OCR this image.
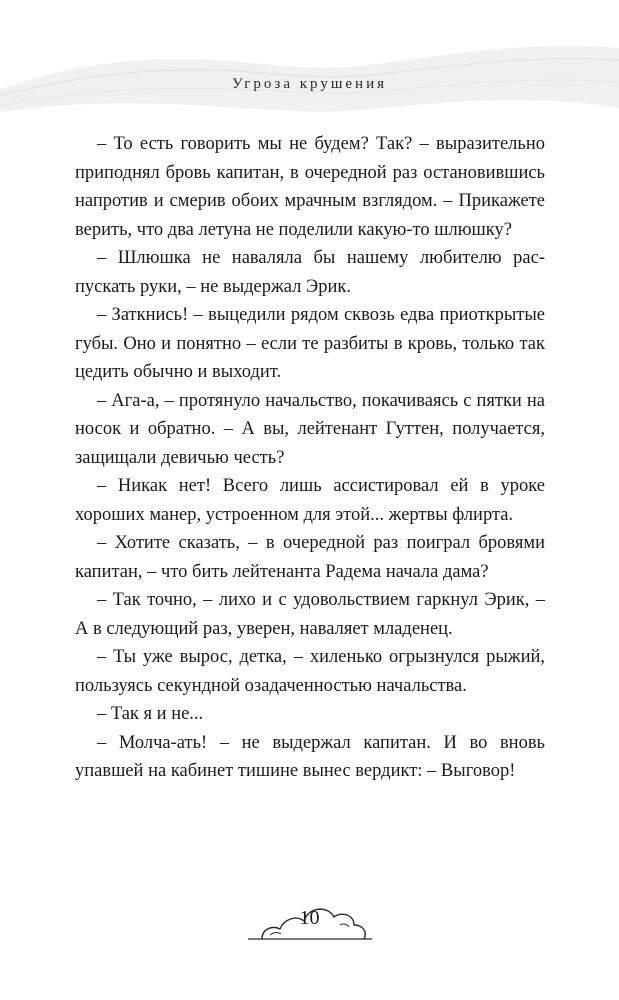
Угроза крушения

– То есть говорить мы не будем? Так? – выразительно приподнял бровь капитан, в очередной раз остановившись напротив и смерив обоих мрачным взглядом. – Прикажете верить, что два летуна не поделили какую-то шлюшку?

– Шлюшка не наваляла бы нашему любителю распускать руки, – не выдержал Эрик.

– Заткнись! – выцедили рядом сквозь едва приоткрытые губы. Оно и понятно – если те разбиты в кровь, только так цедить обычно и выходит.

– Ага-а, – протянуло начальство, покачиваясь с пятки на носок и обратно. – А вы, лейтенант Гуттен, получается, защищали девичью честь?

– Никак нет! Всего лишь ассистировал ей в уроке хороших манер, устроенном для этой... жертвы флирта.

– Хотите сказать, – в очередной раз поиграл бровями капитан, – что бить лейтенанта Радема начала дама?

– Так точно, – лихо и с удовольствием гаркнул Эрик, – А в следующий раз, уверен, наваляет младенец.

– Ты уже вырос, детка, – хиленько огрызнулся рыжий, пользуясь секундной озадаченностью начальства.

– Так я и не...

– Молча-ать! – не выдержал капитан. И во вновь упавшей на кабинет тишине вынес вердикт: – Выговор!

10
